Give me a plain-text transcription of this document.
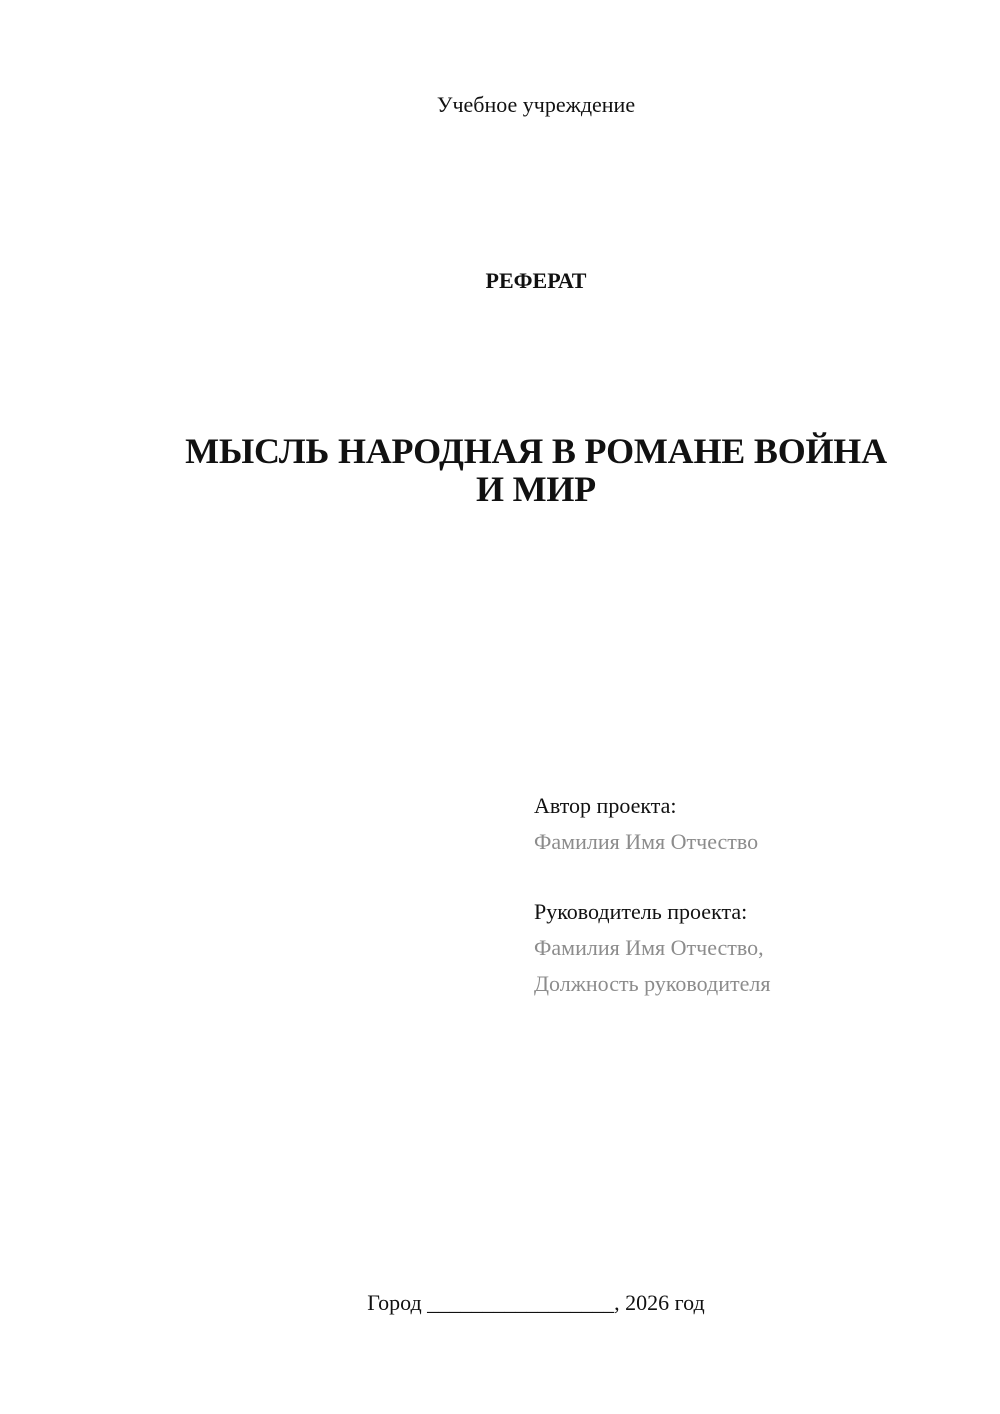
Учебное учреждение
РЕФЕРАТ
МЫСЛЬ НАРОДНАЯ В РОМАНЕ ВОЙНА
И МИР
Автор проекта:
Фамилия Имя Отчество
Руководитель проекта:
Фамилия Имя Отчество,
Должность руководителя
Город _________________, 2026 год
